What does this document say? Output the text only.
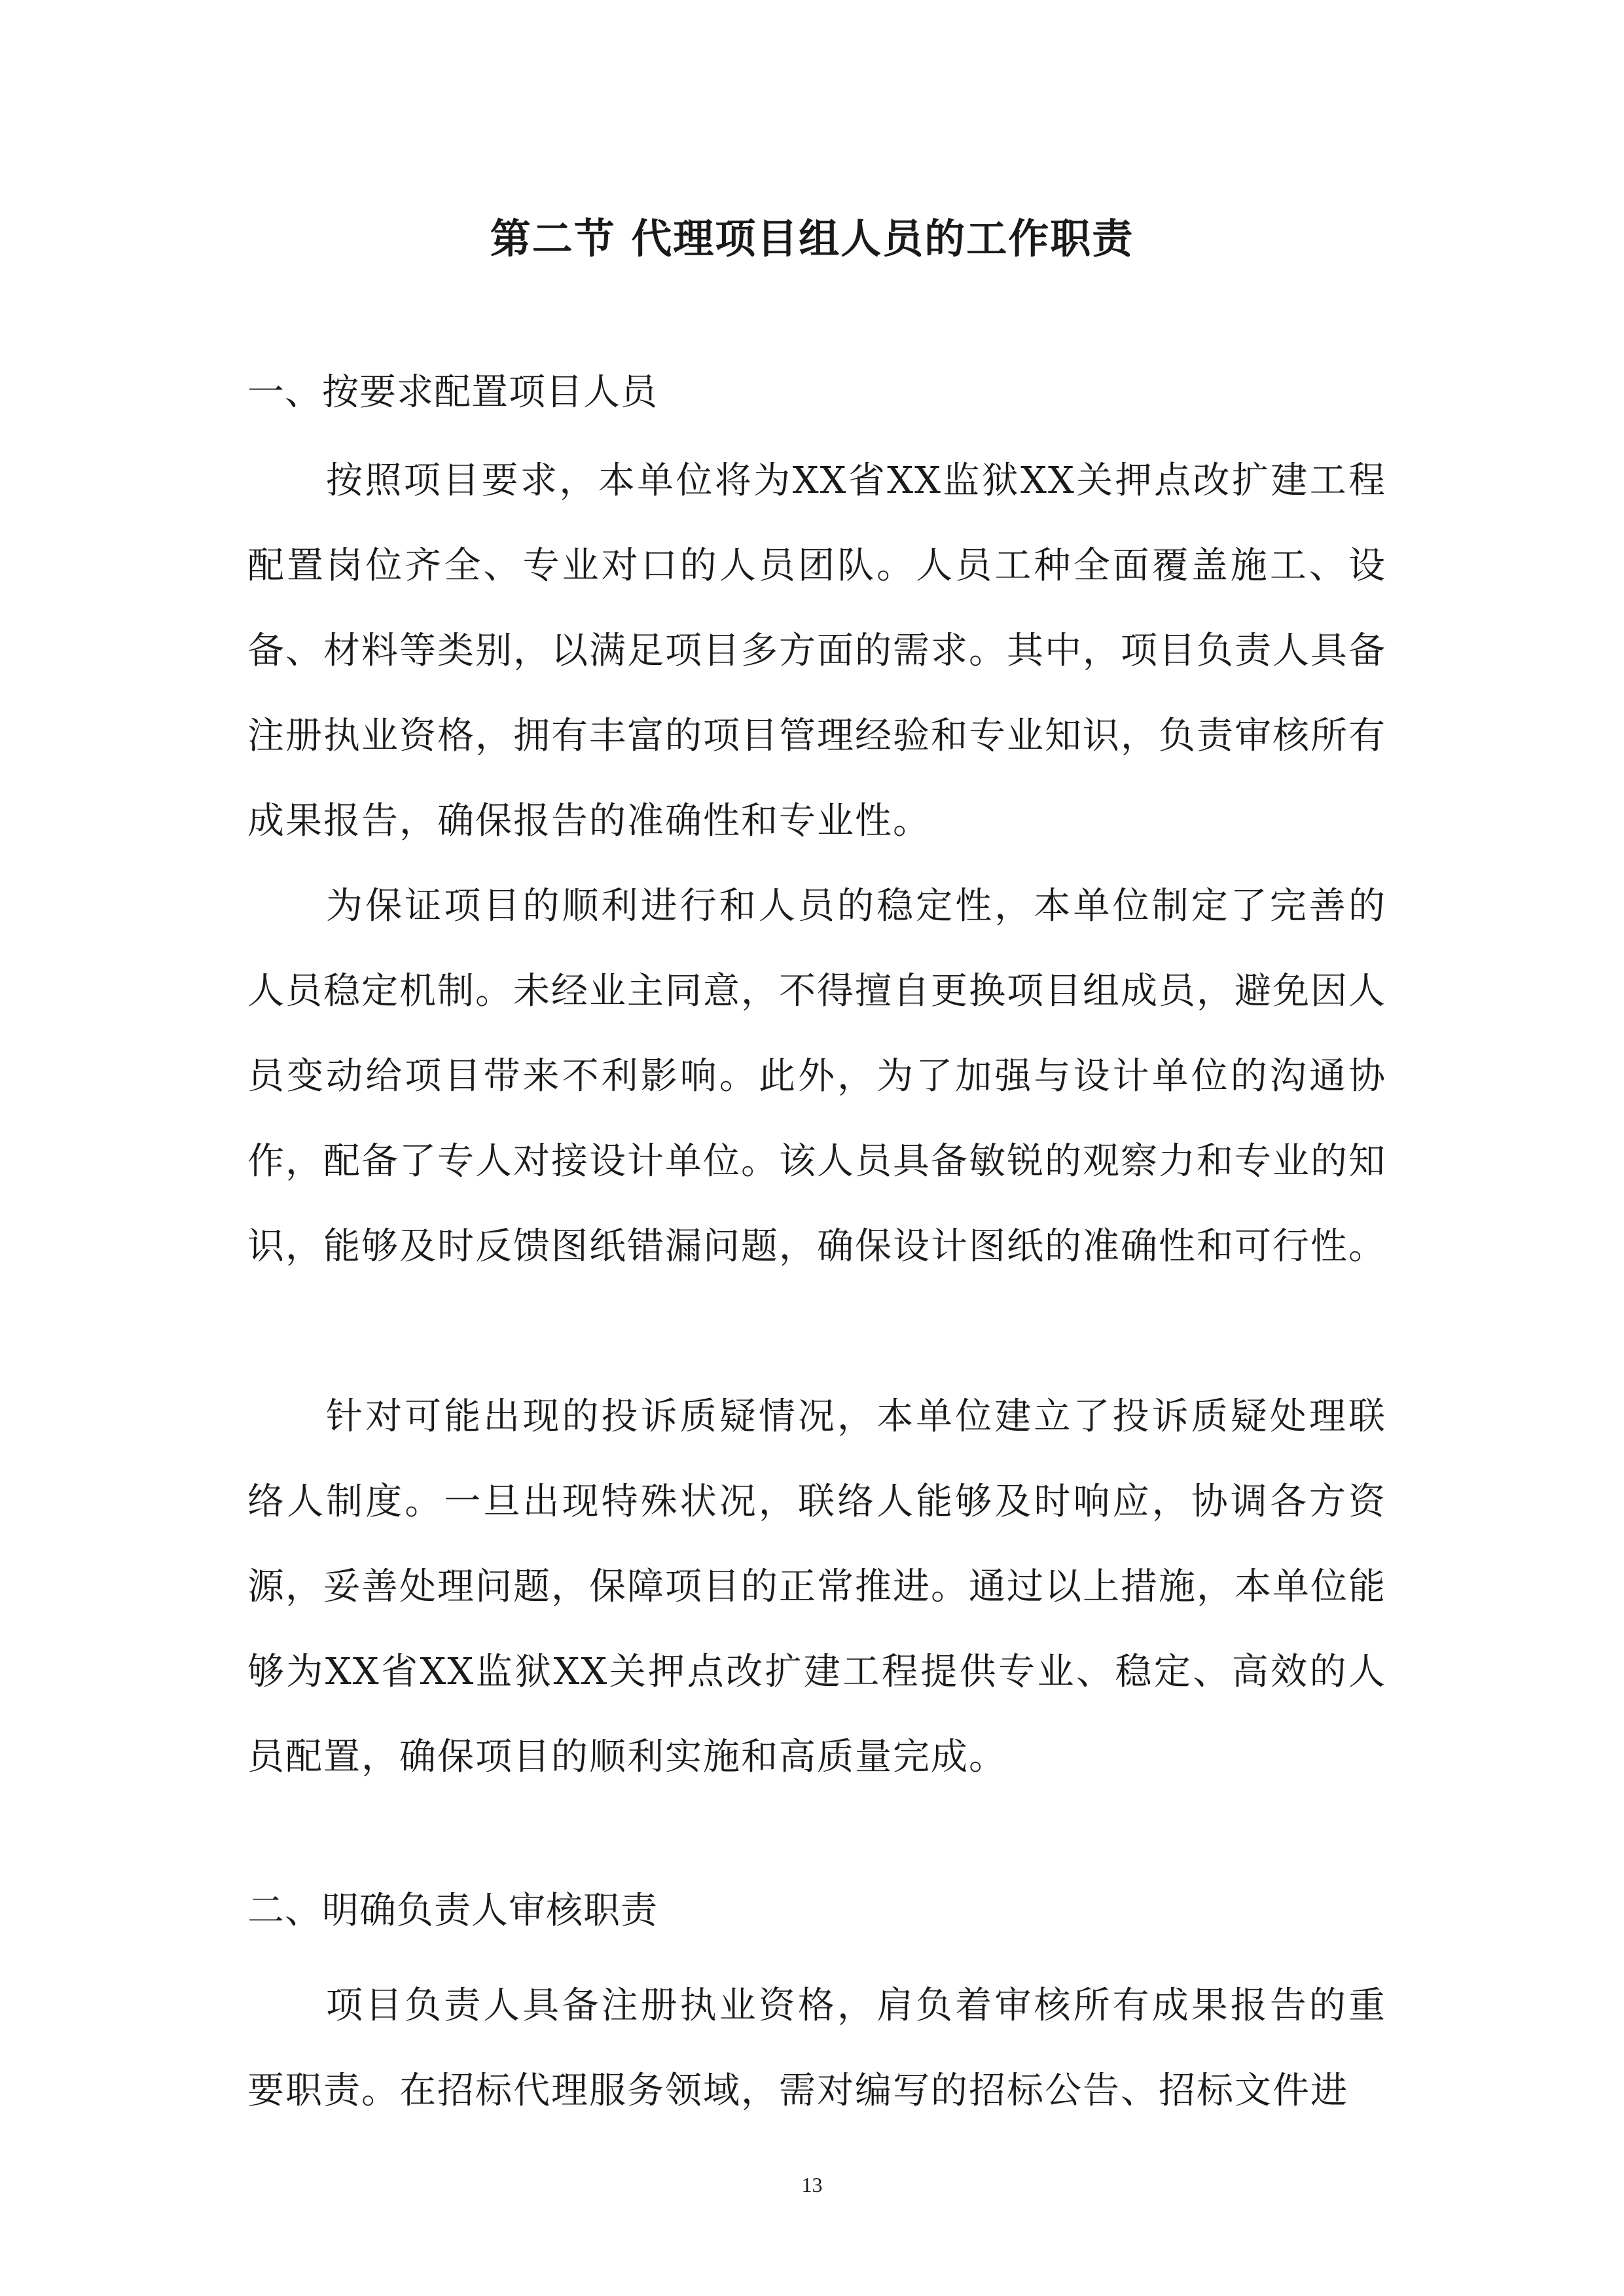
第二节 代理项目组人员的工作职责
一、按要求配置项目人员

按照项目要求，本单位将为XX省XX监狱XX关押点改扩建工程配置岗位齐全、专业对口的人员团队。人员工种全面覆盖施工、设备、材料等类别，以满足项目多方面的需求。其中，项目负责人具备注册执业资格，拥有丰富的项目管理经验和专业知识，负责审核所有成果报告，确保报告的准确性和专业性。

为保证项目的顺利进行和人员的稳定性，本单位制定了完善的人员稳定机制。未经业主同意，不得擅自更换项目组成员，避免因人员变动给项目带来不利影响。此外，为了加强与设计单位的沟通协作，配备了专人对接设计单位。该人员具备敏锐的观察力和专业的知识，能够及时反馈图纸错漏问题，确保设计图纸的准确性和可行性。

针对可能出现的投诉质疑情况，本单位建立了投诉质疑处理联络人制度。一旦出现特殊状况，联络人能够及时响应，协调各方资源，妥善处理问题，保障项目的正常推进。通过以上措施，本单位能够为XX省XX监狱XX关押点改扩建工程提供专业、稳定、高效的人员配置，确保项目的顺利实施和高质量完成。

二、明确负责人审核职责

项目负责人具备注册执业资格，肩负着审核所有成果报告的重要职责。在招标代理服务领域，需对编写的招标公告、招标文件进

13
